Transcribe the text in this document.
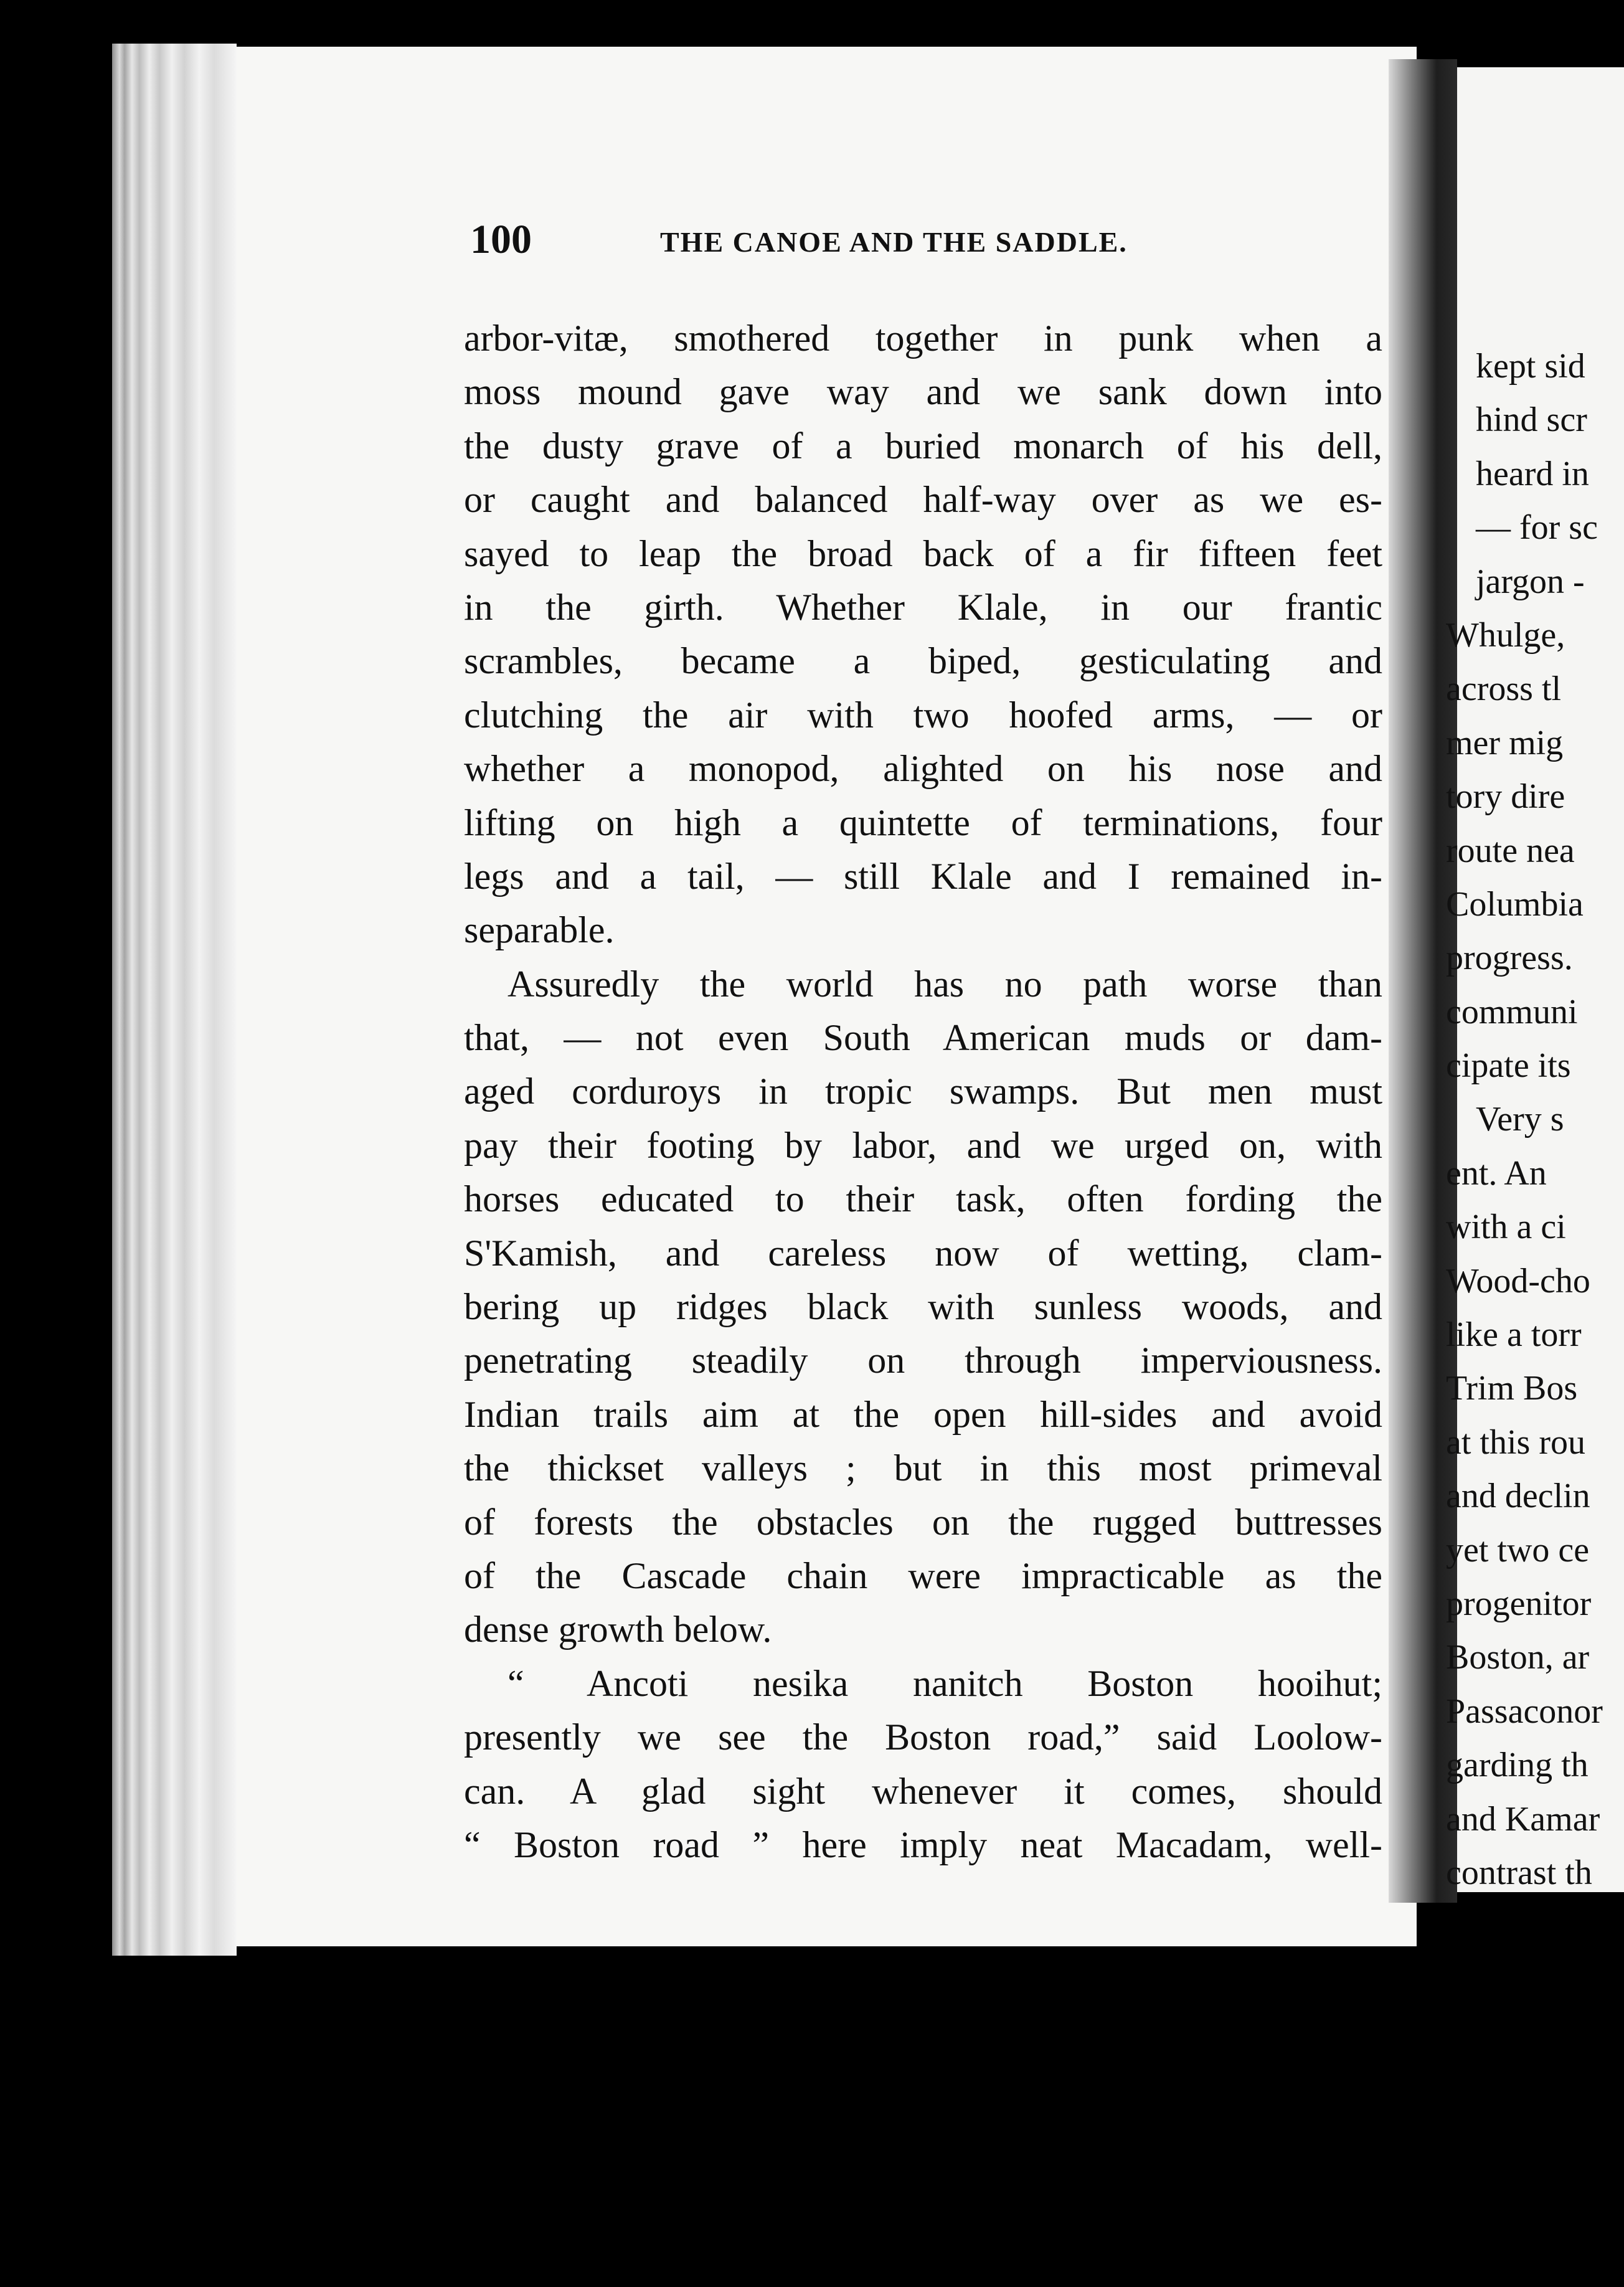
100	THE CANOE AND THE SADDLE.
arbor-vitæ, smothered together in punk when a
moss mound gave way and we sank down into
the dusty grave of a buried monarch of his dell,
or caught and balanced half-way over as we es-
sayed to leap the broad back of a fir fifteen feet
in the girth. Whether Klale, in our frantic
scrambles, became a biped, gesticulating and
clutching the air with two hoofed arms, — or
whether a monopod, alighted on his nose and
lifting on high a quintette of terminations, four
legs and a tail, — still Klale and I remained in-
separable.
Assuredly the world has no path worse than
that, — not even South American muds or dam-
aged corduroys in tropic swamps. But men must
pay their footing by labor, and we urged on, with
horses educated to their task, often fording the
S'Kamish, and careless now of wetting, clam-
bering up ridges black with sunless woods, and
penetrating steadily on through imperviousness.
Indian trails aim at the open hill-sides and avoid
the thickset valleys ; but in this most primeval
of forests the obstacles on the rugged buttresses
of the Cascade chain were impracticable as the
dense growth below.
“ Ancoti nesika nanitch Boston hooihut;
presently we see the Boston road,” said Loolow-
can. A glad sight whenever it comes, should
“ Boston road ” here imply neat Macadam, well-
kept sid
hind scr
heard in
— for sc
jargon -
Whulge,
across tl
mer mig
tory dire
route nea
Columbia
progress.
communi
cipate its
Very s
ent. An
with a ci
Wood-cho
like a torr
Trim Bos
at this rou
and declin
yet two ce
progenitor
Boston, ar
Passaconor
garding th
and Kamar
contrast th
